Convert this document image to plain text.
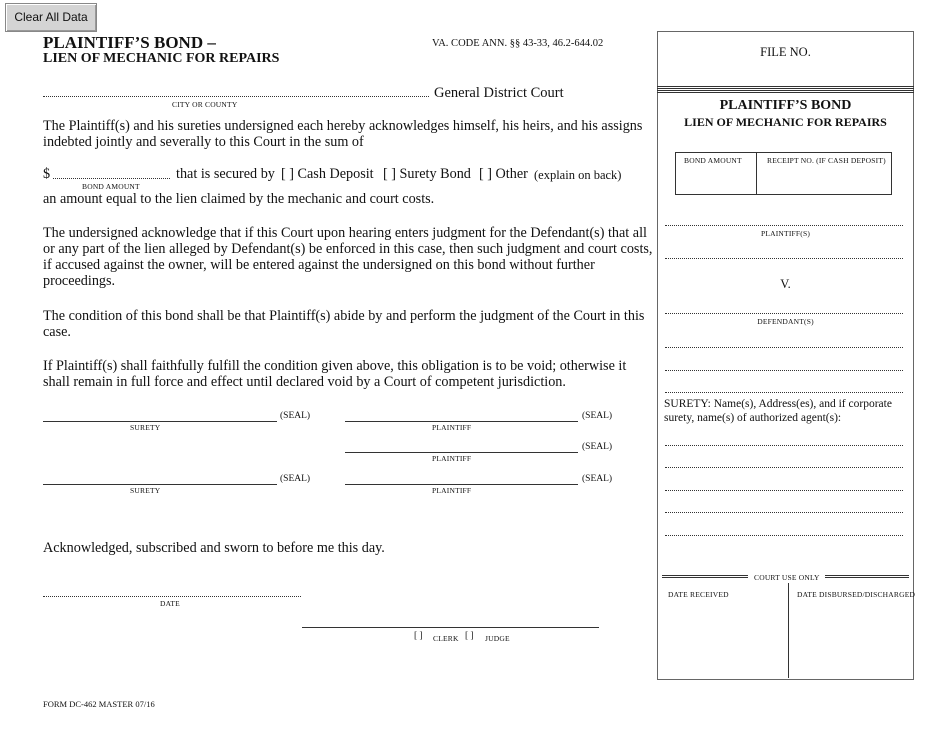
Clear All Data
PLAINTIFF’S BOND –
LIEN OF MECHANIC FOR REPAIRS
VA. CODE ANN. §§ 43-33, 46.2-644.02
General District Court
CITY OR COUNTY
The Plaintiff(s) and his sureties undersigned each hereby acknowledges himself, his heirs, and his assigns indebted jointly and severally to this Court in the sum of
$
BOND AMOUNT
that is secured by [ ] Cash Deposit [ ] Surety Bond [ ] Other (explain on back)
an amount equal to the lien claimed by the mechanic and court costs.
The undersigned acknowledge that if this Court upon hearing enters judgment for the Defendant(s) that all or any part of the lien alleged by Defendant(s) be enforced in this case, then such judgment and court costs, if accused against the owner, will be entered against the undersigned on this bond without further proceedings.
The condition of this bond shall be that Plaintiff(s) abide by and perform the judgment of the Court in this case.
If Plaintiff(s) shall faithfully fulfill the condition given above, this obligation is to be void; otherwise it shall remain in full force and effect until declared void by a Court of competent jurisdiction.
(SEAL)
SURETY
(SEAL)
PLAINTIFF
(SEAL)
PLAINTIFF
(SEAL)
SURETY
(SEAL)
PLAINTIFF
Acknowledged, subscribed and sworn to before me this day.
DATE
[ ] CLERK [ ] JUDGE
FORM DC-462 MASTER 07/16
FILE NO.
PLAINTIFF’S BOND
LIEN OF MECHANIC FOR REPAIRS
BOND AMOUNT	RECEIPT NO. (IF CASH DEPOSIT)
PLAINTIFF(S)
V.
DEFENDANT(S)
SURETY: Name(s), Address(es), and if corporate surety, name(s) of authorized agent(s):
COURT USE ONLY
DATE RECEIVED	DATE DISBURSED/DISCHARGED
